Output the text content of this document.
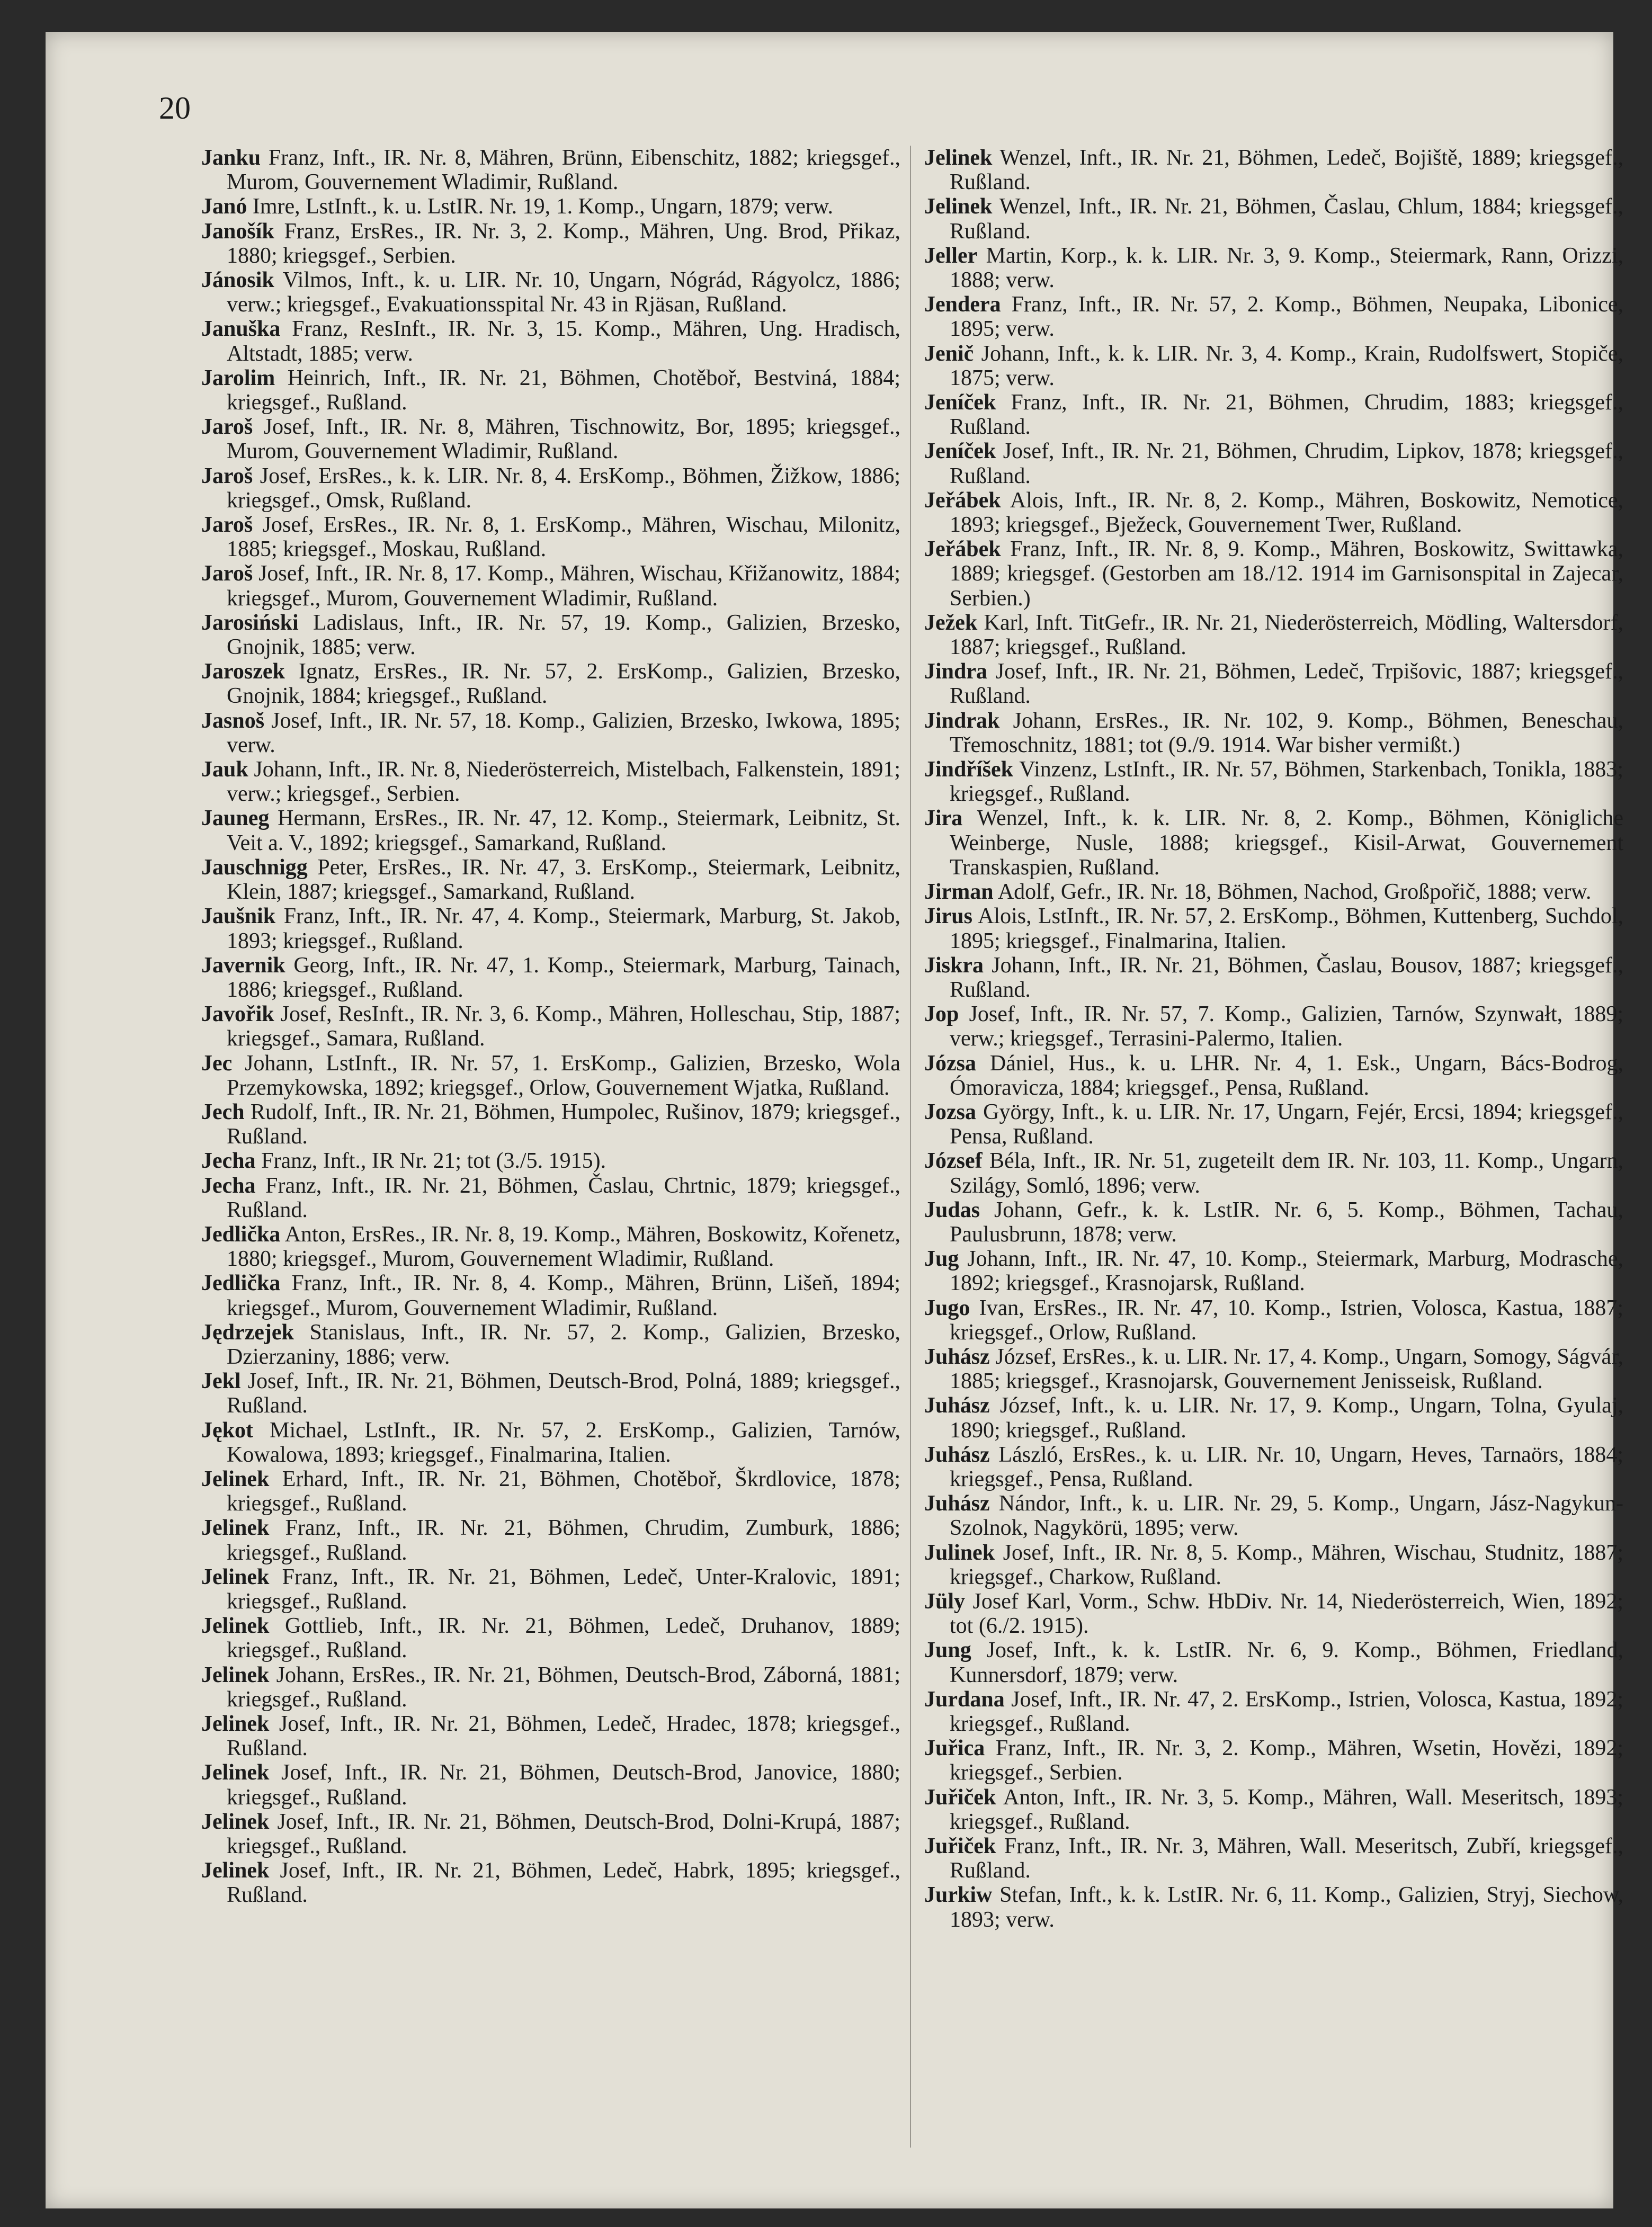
20

Janku Franz, Inft., IR. Nr. 8, Mähren, Brünn, Eibenschitz, 1882; kriegsgef., Murom, Gouvernement Wladimir, Rußland.

Janó Imre, LstInft., k. u. LstIR. Nr. 19, 1. Komp., Ungarn, 1879; verw.

Janošík Franz, ErsRes., IR. Nr. 3, 2. Komp., Mähren, Ung. Brod, Přikaz, 1880; kriegsgef., Serbien.

Jánosik Vilmos, Inft., k. u. LIR. Nr. 10, Ungarn, Nógrád, Rágyolcz, 1886; verw.; kriegsgef., Evakuationsspital Nr. 43 in Rjäsan, Rußland.

Januška Franz, ResInft., IR. Nr. 3, 15. Komp., Mähren, Ung. Hradisch, Altstadt, 1885; verw.

Jarolim Heinrich, Inft., IR. Nr. 21, Böhmen, Chotěboř, Bestviná, 1884; kriegsgef., Rußland.

Jaroš Josef, Inft., IR. Nr. 8, Mähren, Tischnowitz, Bor, 1895; kriegsgef., Murom, Gouvernement Wladimir, Rußland.

Jaroš Josef, ErsRes., k. k. LIR. Nr. 8, 4. ErsKomp., Böhmen, Žižkow, 1886; kriegsgef., Omsk, Rußland.

Jaroš Josef, ErsRes., IR. Nr. 8, 1. ErsKomp., Mähren, Wischau, Milonitz, 1885; kriegsgef., Moskau, Rußland.

Jaroš Josef, Inft., IR. Nr. 8, 17. Komp., Mähren, Wischau, Křižanowitz, 1884; kriegsgef., Murom, Gouvernement Wladimir, Rußland.

Jarosiński Ladislaus, Inft., IR. Nr. 57, 19. Komp., Galizien, Brzesko, Gnojnik, 1885; verw.

Jaroszek Ignatz, ErsRes., IR. Nr. 57, 2. ErsKomp., Galizien, Brzesko, Gnojnik, 1884; kriegsgef., Rußland.

Jasnoš Josef, Inft., IR. Nr. 57, 18. Komp., Galizien, Brzesko, Iwkowa, 1895; verw.

Jauk Johann, Inft., IR. Nr. 8, Niederösterreich, Mistelbach, Falkenstein, 1891; verw.; kriegsgef., Serbien.

Jauneg Hermann, ErsRes., IR. Nr. 47, 12. Komp., Steiermark, Leibnitz, St. Veit a. V., 1892; kriegsgef., Samarkand, Rußland.

Jauschnigg Peter, ErsRes., IR. Nr. 47, 3. ErsKomp., Steiermark, Leibnitz, Klein, 1887; kriegsgef., Samarkand, Rußland.

Jaušnik Franz, Inft., IR. Nr. 47, 4. Komp., Steiermark, Marburg, St. Jakob, 1893; kriegsgef., Rußland.

Javernik Georg, Inft., IR. Nr. 47, 1. Komp., Steiermark, Marburg, Tainach, 1886; kriegsgef., Rußland.

Javořik Josef, ResInft., IR. Nr. 3, 6. Komp., Mähren, Holleschau, Stip, 1887; kriegsgef., Samara, Rußland.

Jec Johann, LstInft., IR. Nr. 57, 1. ErsKomp., Galizien, Brzesko, Wola Przemykowska, 1892; kriegsgef., Orlow, Gouvernement Wjatka, Rußland.

Jech Rudolf, Inft., IR. Nr. 21, Böhmen, Humpolec, Rušinov, 1879; kriegsgef., Rußland.

Jecha Franz, Inft., IR Nr. 21; tot (3./5. 1915).

Jecha Franz, Inft., IR. Nr. 21, Böhmen, Časlau, Chrtnic, 1879; kriegsgef., Rußland.

Jedlička Anton, ErsRes., IR. Nr. 8, 19. Komp., Mähren, Boskowitz, Kořenetz, 1880; kriegsgef., Murom, Gouvernement Wladimir, Rußland.

Jedlička Franz, Inft., IR. Nr. 8, 4. Komp., Mähren, Brünn, Lišeň, 1894; kriegsgef., Murom, Gouvernement Wladimir, Rußland.

Jędrzejek Stanislaus, Inft., IR. Nr. 57, 2. Komp., Galizien, Brzesko, Dzierzaniny, 1886; verw.

Jekl Josef, Inft., IR. Nr. 21, Böhmen, Deutsch-Brod, Polná, 1889; kriegsgef., Rußland.

Jękot Michael, LstInft., IR. Nr. 57, 2. ErsKomp., Galizien, Tarnów, Kowalowa, 1893; kriegsgef., Finalmarina, Italien.

Jelinek Erhard, Inft., IR. Nr. 21, Böhmen, Chotěboř, Škrdlovice, 1878; kriegsgef., Rußland.

Jelinek Franz, Inft., IR. Nr. 21, Böhmen, Chrudim, Zumburk, 1886; kriegsgef., Rußland.

Jelinek Franz, Inft., IR. Nr. 21, Böhmen, Ledeč, Unter-Kralovic, 1891; kriegsgef., Rußland.

Jelinek Gottlieb, Inft., IR. Nr. 21, Böhmen, Ledeč, Druhanov, 1889; kriegsgef., Rußland.

Jelinek Johann, ErsRes., IR. Nr. 21, Böhmen, Deutsch-Brod, Záborná, 1881; kriegsgef., Rußland.

Jelinek Josef, Inft., IR. Nr. 21, Böhmen, Ledeč, Hradec, 1878; kriegsgef., Rußland.

Jelinek Josef, Inft., IR. Nr. 21, Böhmen, Deutsch-Brod, Janovice, 1880; kriegsgef., Rußland.

Jelinek Josef, Inft., IR. Nr. 21, Böhmen, Deutsch-Brod, Dolni-Krupá, 1887; kriegsgef., Rußland.

Jelinek Josef, Inft., IR. Nr. 21, Böhmen, Ledeč, Habrk, 1895; kriegsgef., Rußland.

Jelinek Wenzel, Inft., IR. Nr. 21, Böhmen, Ledeč, Bojiště, 1889; kriegsgef., Rußland.

Jelinek Wenzel, Inft., IR. Nr. 21, Böhmen, Časlau, Chlum, 1884; kriegsgef., Rußland.

Jeller Martin, Korp., k. k. LIR. Nr. 3, 9. Komp., Steiermark, Rann, Orizzi, 1888; verw.

Jendera Franz, Inft., IR. Nr. 57, 2. Komp., Böhmen, Neupaka, Libonice, 1895; verw.

Jenič Johann, Inft., k. k. LIR. Nr. 3, 4. Komp., Krain, Rudolfswert, Stopiče, 1875; verw.

Jeníček Franz, Inft., IR. Nr. 21, Böhmen, Chrudim, 1883; kriegsgef., Rußland.

Jeníček Josef, Inft., IR. Nr. 21, Böhmen, Chrudim, Lipkov, 1878; kriegsgef., Rußland.

Jeřábek Alois, Inft., IR. Nr. 8, 2. Komp., Mähren, Boskowitz, Nemotice, 1893; kriegsgef., Bježeck, Gouvernement Twer, Rußland.

Jeřábek Franz, Inft., IR. Nr. 8, 9. Komp., Mähren, Boskowitz, Swittawka, 1889; kriegsgef. (Gestorben am 18./12. 1914 im Garnisonspital in Zajecar, Serbien.)

Ježek Karl, Inft. TitGefr., IR. Nr. 21, Niederösterreich, Mödling, Waltersdorf, 1887; kriegsgef., Rußland.

Jindra Josef, Inft., IR. Nr. 21, Böhmen, Ledeč, Trpišovic, 1887; kriegsgef., Rußland.

Jindrak Johann, ErsRes., IR. Nr. 102, 9. Komp., Böhmen, Beneschau, Třemoschnitz, 1881; tot (9./9. 1914. War bisher vermißt.)

Jindříšek Vinzenz, LstInft., IR. Nr. 57, Böhmen, Starkenbach, Tonikla, 1883; kriegsgef., Rußland.

Jira Wenzel, Inft., k. k. LIR. Nr. 8, 2. Komp., Böhmen, Königliche Weinberge, Nusle, 1888; kriegsgef., Kisil-Arwat, Gouvernement Transkaspien, Rußland.

Jirman Adolf, Gefr., IR. Nr. 18, Böhmen, Nachod, Großpořič, 1888; verw.

Jirus Alois, LstInft., IR. Nr. 57, 2. ErsKomp., Böhmen, Kuttenberg, Suchdol, 1895; kriegsgef., Finalmarina, Italien.

Jiskra Johann, Inft., IR. Nr. 21, Böhmen, Časlau, Bousov, 1887; kriegsgef., Rußland.

Jop Josef, Inft., IR. Nr. 57, 7. Komp., Galizien, Tarnów, Szynwałt, 1889; verw.; kriegsgef., Terrasini-Palermo, Italien.

Józsa Dániel, Hus., k. u. LHR. Nr. 4, 1. Esk., Ungarn, Bács-Bodrog, Ómoravicza, 1884; kriegsgef., Pensa, Rußland.

Jozsa György, Inft., k. u. LIR. Nr. 17, Ungarn, Fejér, Ercsi, 1894; kriegsgef., Pensa, Rußland.

József Béla, Inft., IR. Nr. 51, zugeteilt dem IR. Nr. 103, 11. Komp., Ungarn, Szilágy, Somló, 1896; verw.

Judas Johann, Gefr., k. k. LstIR. Nr. 6, 5. Komp., Böhmen, Tachau, Paulusbrunn, 1878; verw.

Jug Johann, Inft., IR. Nr. 47, 10. Komp., Steiermark, Marburg, Modrasche, 1892; kriegsgef., Krasnojarsk, Rußland.

Jugo Ivan, ErsRes., IR. Nr. 47, 10. Komp., Istrien, Volosca, Kastua, 1887; kriegsgef., Orlow, Rußland.

Juhász József, ErsRes., k. u. LIR. Nr. 17, 4. Komp., Ungarn, Somogy, Ságvár, 1885; kriegsgef., Krasnojarsk, Gouvernement Jenisseisk, Rußland.

Juhász József, Inft., k. u. LIR. Nr. 17, 9. Komp., Ungarn, Tolna, Gyulaj, 1890; kriegsgef., Rußland.

Juhász László, ErsRes., k. u. LIR. Nr. 10, Ungarn, Heves, Tarnaörs, 1884; kriegsgef., Pensa, Rußland.

Juhász Nándor, Inft., k. u. LIR. Nr. 29, 5. Komp., Ungarn, Jász-Nagykun-Szolnok, Nagykörü, 1895; verw.

Julinek Josef, Inft., IR. Nr. 8, 5. Komp., Mähren, Wischau, Studnitz, 1887; kriegsgef., Charkow, Rußland.

Jüly Josef Karl, Vorm., Schw. HbDiv. Nr. 14, Niederösterreich, Wien, 1892; tot (6./2. 1915).

Jung Josef, Inft., k. k. LstIR. Nr. 6, 9. Komp., Böhmen, Friedland, Kunnersdorf, 1879; verw.

Jurdana Josef, Inft., IR. Nr. 47, 2. ErsKomp., Istrien, Volosca, Kastua, 1892; kriegsgef., Rußland.

Juřica Franz, Inft., IR. Nr. 3, 2. Komp., Mähren, Wsetin, Hovězi, 1892; kriegsgef., Serbien.

Juřiček Anton, Inft., IR. Nr. 3, 5. Komp., Mähren, Wall. Meseritsch, 1893; kriegsgef., Rußland.

Juřiček Franz, Inft., IR. Nr. 3, Mähren, Wall. Meseritsch, Zubří, kriegsgef., Rußland.

Jurkiw Stefan, Inft., k. k. LstIR. Nr. 6, 11. Komp., Galizien, Stryj, Siechow, 1893; verw.
